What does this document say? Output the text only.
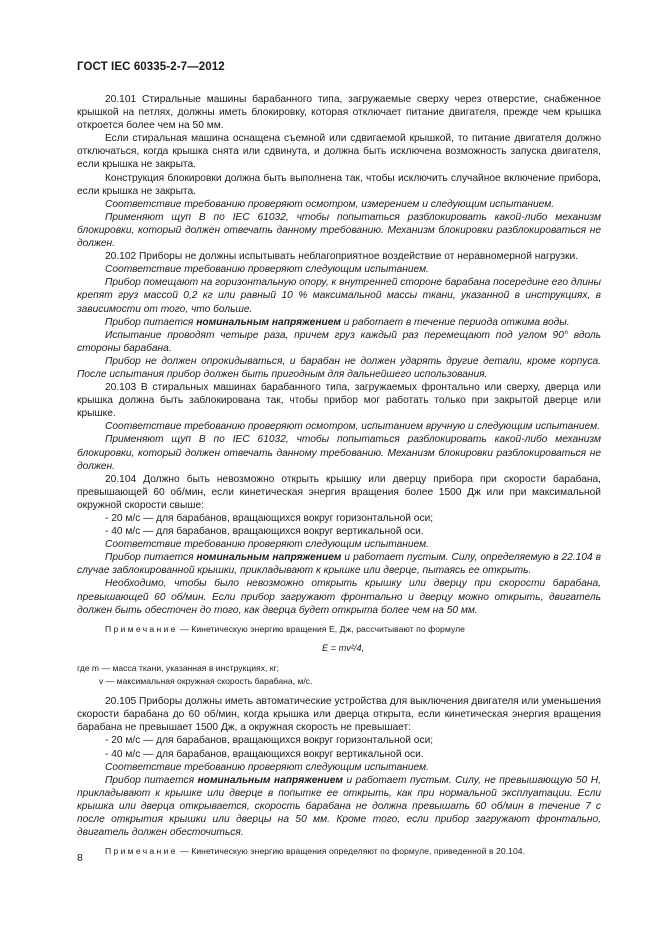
ГОСТ IEC 60335-2-7—2012

20.101 Стиральные машины барабанного типа, загружаемые сверху через отверстие, снабженное крышкой на петлях, должны иметь блокировку, которая отключает питание двигателя, прежде чем крышка откроется более чем на 50 мм.

Если стиральная машина оснащена съемной или сдвигаемой крышкой, то питание двигателя должно отключаться, когда крышка снята или сдвинута, и должна быть исключена возможность запуска двигателя, если крышка не закрыта.

Конструкция блокировки должна быть выполнена так, чтобы исключить случайное включение прибора, если крышка не закрыта.

Соответствие требованию проверяют осмотром, измерением и следующим испытанием.

Применяют щуп В по IEC 61032, чтобы попытаться разблокировать какой-либо механизм блокировки, который должен отвечать данному требованию. Механизм блокировки разблокироваться не должен.

20.102 Приборы не должны испытывать неблагоприятное воздействие от неравномерной нагрузки.

Соответствие требованию проверяют следующим испытанием.

Прибор помещают на горизонтальную опору, к внутренней стороне барабана посередине его длины крепят груз массой 0,2 кг или равный 10 % максимальной массы ткани, указанной в инструкциях, в зависимости от того, что больше.

Прибор питается номинальным напряжением и работает в течение периода отжима воды.

Испытание проводят четыре раза, причем груз каждый раз перемещают под углом 90° вдоль стороны барабана.

Прибор не должен опрокидываться, и барабан не должен ударять другие детали, кроме корпуса. После испытания прибор должен быть пригодным для дальнейшего использования.

20.103 В стиральных машинах барабанного типа, загружаемых фронтально или сверху, дверца или крышка должна быть заблокирована так, чтобы прибор мог работать только при закрытой дверце или крышке.

Соответствие требованию проверяют осмотром, испытанием вручную и следующим испытанием.

Применяют щуп В по IEC 61032, чтобы попытаться разблокировать какой-либо механизм блокировки, который должен отвечать данному требованию. Механизм блокировки разблокироваться не должен.

20.104 Должно быть невозможно открыть крышку или дверцу прибора при скорости барабана, превышающей 60 об/мин, если кинетическая энергия вращения более 1500 Дж или при максимальной окружной скорости свыше:

- 20 м/с — для барабанов, вращающихся вокруг горизонтальной оси;

- 40 м/с — для барабанов, вращающихся вокруг вертикальной оси.

Соответствие требованию проверяют следующим испытанием.

Прибор питается номинальным напряжением и работает пустым. Силу, определяемую в 22.104 в случае заблокированной крышки, прикладывают к крышке или дверце, пытаясь ее открыть.

Необходимо, чтобы было невозможно открыть крышку или дверцу при скорости барабана, превышающей 60 об/мин. Если прибор загружают фронтально и дверцу можно открыть, двигатель должен быть обесточен до того, как дверца будет открыта более чем на 50 мм.

Примечание — Кинетическую энергию вращения E, Дж, рассчитывают по формуле

E = mv²/4,

где m — масса ткани, указанная в инструкциях, кг;

v — максимальная окружная скорость барабана, м/с.

20.105 Приборы должны иметь автоматические устройства для выключения двигателя или уменьшения скорости барабана до 60 об/мин, когда крышка или дверца открыта, если кинетическая энергия вращения барабана не превышает 1500 Дж, а окружная скорость не превышает:

- 20 м/с — для барабанов, вращающихся вокруг горизонтальной оси;

- 40 м/с — для барабанов, вращающихся вокруг вертикальной оси.

Соответствие требованию проверяют следующим испытанием.

Прибор питается номинальным напряжением и работает пустым. Силу, не превышающую 50 Н, прикладывают к крышке или дверце в попытке ее открыть, как при нормальной эксплуатации. Если крышка или дверца открывается, скорость барабана не должна превышать 60 об/мин в течение 7 с после открытия крышки или дверцы на 50 мм. Кроме того, если прибор загружают фронтально, двигатель должен обесточиться.

Примечание — Кинетическую энергию вращения определяют по формуле, приведенной в 20.104.

8
